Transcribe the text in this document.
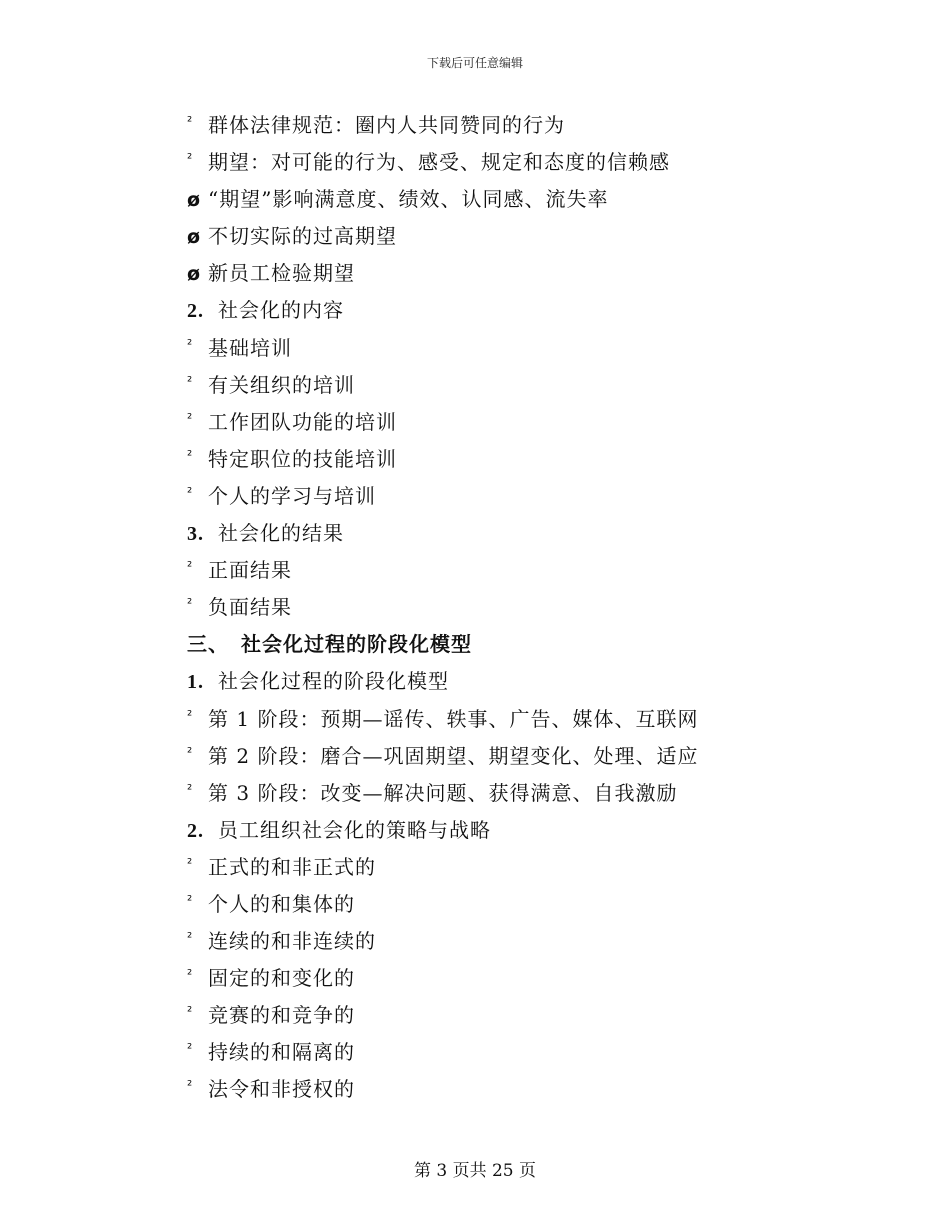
下载后可任意编辑
² 群体法律规范：圈内人共同赞同的行为
² 期望：对可能的行为、感受、规定和态度的信赖感
ø “期望”影响满意度、绩效、认同感、流失率
ø 不切实际的过高期望
ø 新员工检验期望
2. 社会化的内容
² 基础培训
² 有关组织的培训
² 工作团队功能的培训
² 特定职位的技能培训
² 个人的学习与培训
3. 社会化的结果
² 正面结果
² 负面结果
三、 社会化过程的阶段化模型
1. 社会化过程的阶段化模型
² 第 1 阶段：预期—谣传、轶事、广告、媒体、互联网
² 第 2 阶段：磨合—巩固期望、期望变化、处理、适应
² 第 3 阶段：改变—解决问题、获得满意、自我激励
2. 员工组织社会化的策略与战略
² 正式的和非正式的
² 个人的和集体的
² 连续的和非连续的
² 固定的和变化的
² 竞赛的和竞争的
² 持续的和隔离的
² 法令和非授权的
第 3 页共 25 页
